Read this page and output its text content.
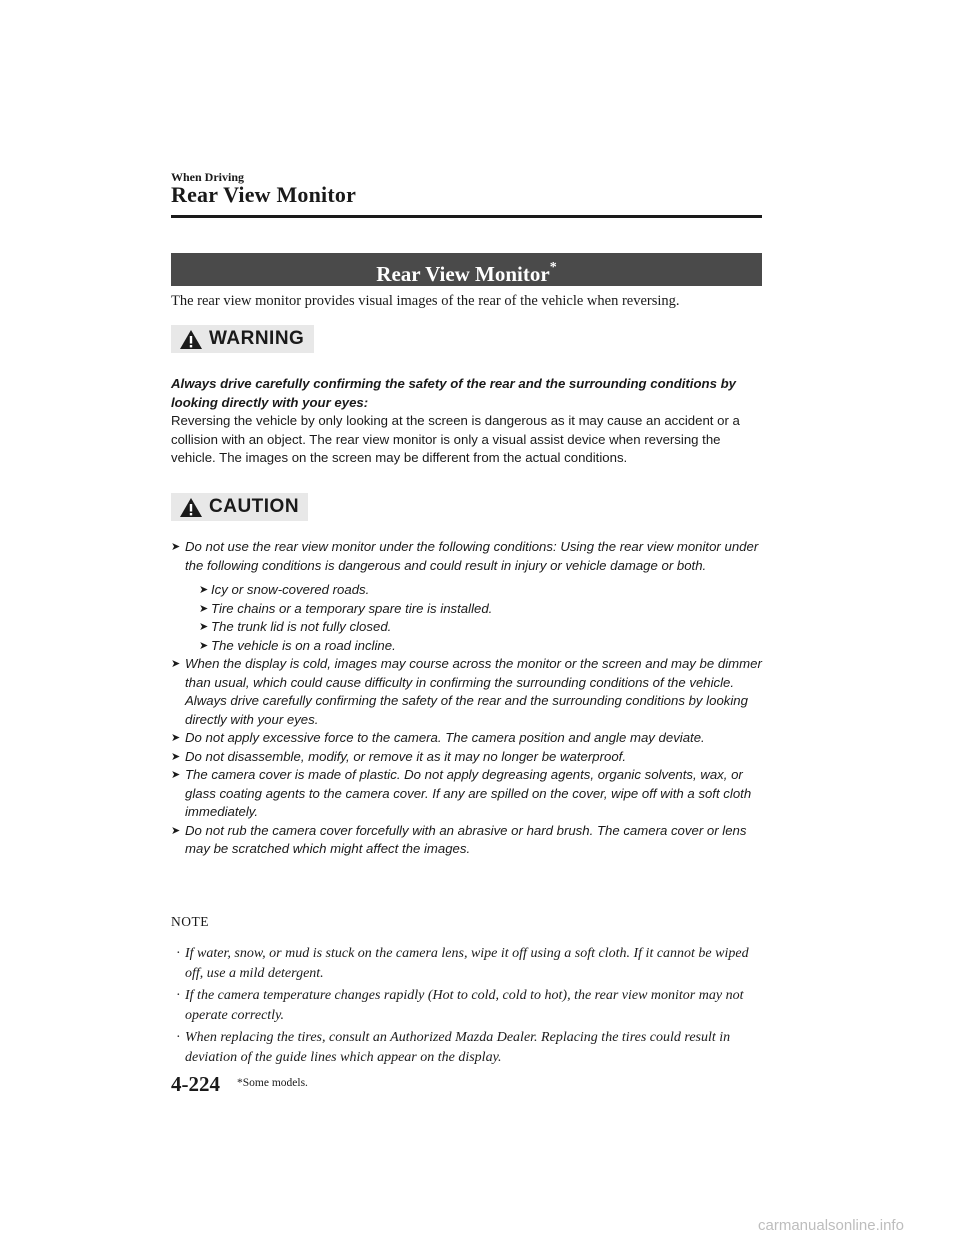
When Driving
Rear View Monitor
Rear View Monitor*
The rear view monitor provides visual images of the rear of the vehicle when reversing.
WARNING
Always drive carefully confirming the safety of the rear and the surrounding conditions by looking directly with your eyes:
Reversing the vehicle by only looking at the screen is dangerous as it may cause an accident or a collision with an object. The rear view monitor is only a visual assist device when reversing the vehicle. The images on the screen may be different from the actual conditions.
CAUTION
➤ Do not use the rear view monitor under the following conditions: Using the rear view monitor under the following conditions is dangerous and could result in injury or vehicle damage or both.
➤ Icy or snow-covered roads.
➤ Tire chains or a temporary spare tire is installed.
➤ The trunk lid is not fully closed.
➤ The vehicle is on a road incline.
➤ When the display is cold, images may course across the monitor or the screen and may be dimmer than usual, which could cause difficulty in confirming the surrounding conditions of the vehicle. Always drive carefully confirming the safety of the rear and the surrounding conditions by looking directly with your eyes.
➤ Do not apply excessive force to the camera. The camera position and angle may deviate.
➤ Do not disassemble, modify, or remove it as it may no longer be waterproof.
➤ The camera cover is made of plastic. Do not apply degreasing agents, organic solvents, wax, or glass coating agents to the camera cover. If any are spilled on the cover, wipe off with a soft cloth immediately.
➤ Do not rub the camera cover forcefully with an abrasive or hard brush. The camera cover or lens may be scratched which might affect the images.
NOTE
· If water, snow, or mud is stuck on the camera lens, wipe it off using a soft cloth. If it cannot be wiped off, use a mild detergent.
· If the camera temperature changes rapidly (Hot to cold, cold to hot), the rear view monitor may not operate correctly.
· When replacing the tires, consult an Authorized Mazda Dealer. Replacing the tires could result in deviation of the guide lines which appear on the display.
4-224 *Some models.
carmanualsonline.info
